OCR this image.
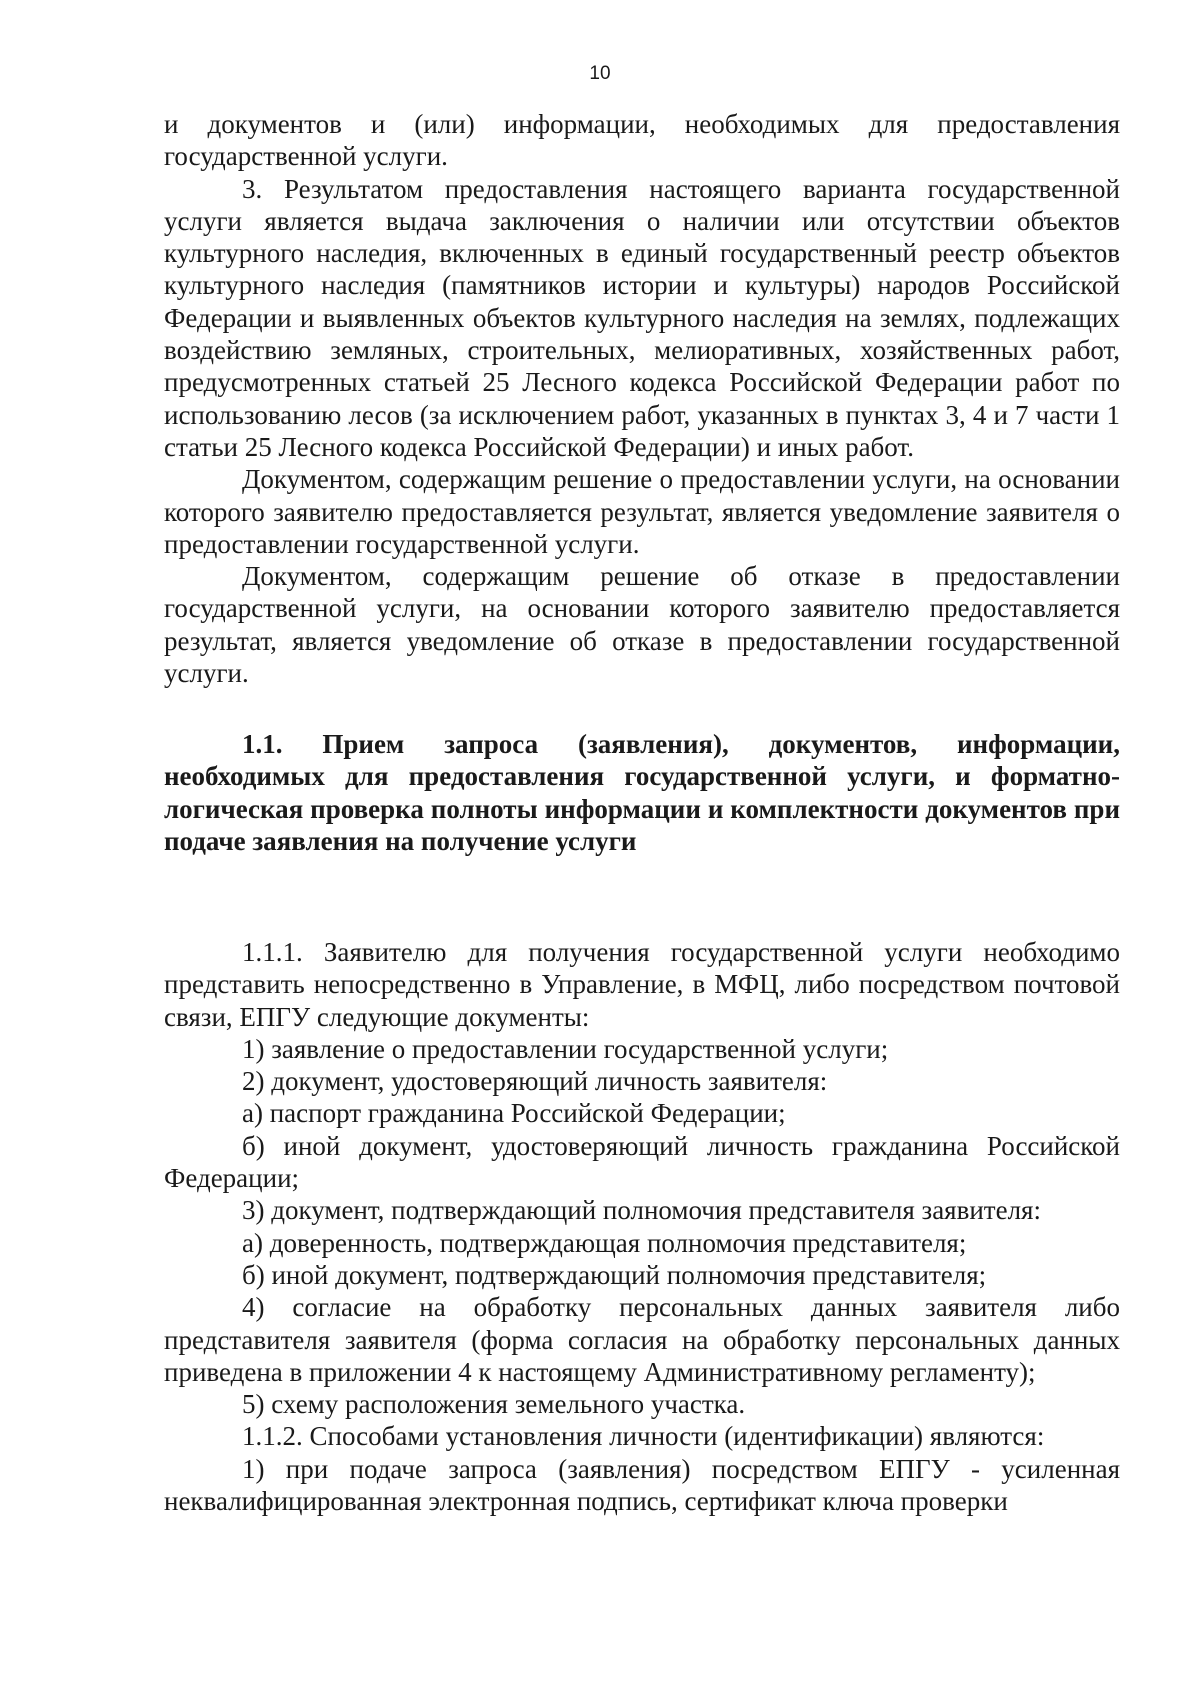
10

и документов и (или) информации, необходимых для предоставления государственной услуги.

3. Результатом предоставления настоящего варианта государственной услуги является выдача заключения о наличии или отсутствии объектов культурного наследия, включенных в единый государственный реестр объектов культурного наследия (памятников истории и культуры) народов Российской Федерации и выявленных объектов культурного наследия на землях, подлежащих воздействию земляных, строительных, мелиоративных, хозяйственных работ, предусмотренных статьей 25 Лесного кодекса Российской Федерации работ по использованию лесов (за исключением работ, указанных в пунктах 3, 4 и 7 части 1 статьи 25 Лесного кодекса Российской Федерации) и иных работ.

Документом, содержащим решение о предоставлении услуги, на основании которого заявителю предоставляется результат, является уведомление заявителя о предоставлении государственной услуги.

Документом, содержащим решение об отказе в предоставлении государственной услуги, на основании которого заявителю предоставляется результат, является уведомление об отказе в предоставлении государственной услуги.

1.1. Прием запроса (заявления), документов, информации, необходимых для предоставления государственной услуги, и форматно-логическая проверка полноты информации и комплектности документов при подаче заявления на получение услуги

1.1.1. Заявителю для получения государственной услуги необходимо представить непосредственно в Управление, в МФЦ, либо посредством почтовой связи, ЕПГУ следующие документы:

1) заявление о предоставлении государственной услуги;

2) документ, удостоверяющий личность заявителя:

а) паспорт гражданина Российской Федерации;

б) иной документ, удостоверяющий личность гражданина Российской Федерации;

3) документ, подтверждающий полномочия представителя заявителя:

а) доверенность, подтверждающая полномочия представителя;

б) иной документ, подтверждающий полномочия представителя;

4) согласие на обработку персональных данных заявителя либо представителя заявителя (форма согласия на обработку персональных данных приведена в приложении 4 к настоящему Административному регламенту);

5) схему расположения земельного участка.

1.1.2. Способами установления личности (идентификации) являются:

1) при подаче запроса (заявления) посредством ЕПГУ - усиленная неквалифицированная электронная подпись, сертификат ключа проверки
